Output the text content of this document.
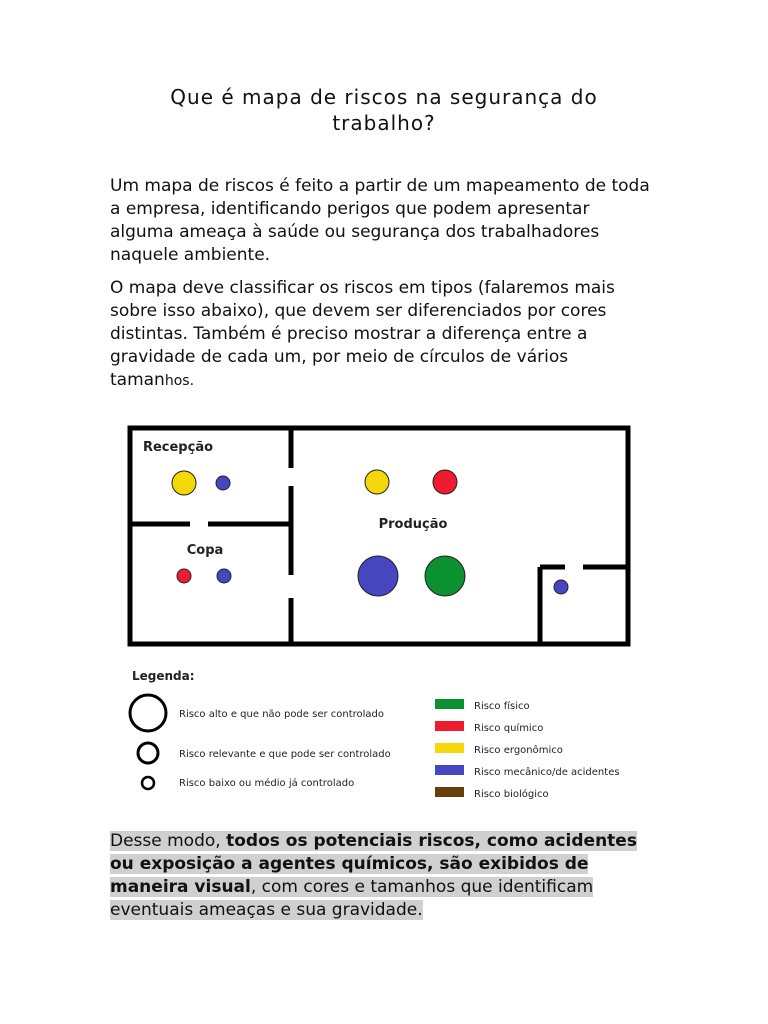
Que é mapa de riscos na segurança do trabalho?

Um mapa de riscos é feito a partir de um mapeamento de toda a empresa, identificando perigos que podem apresentar alguma ameaça à saúde ou segurança dos trabalhadores naquele ambiente.

O mapa deve classificar os riscos em tipos (falaremos mais sobre isso abaixo), que devem ser diferenciados por cores distintas. Também é preciso mostrar a diferença entre a gravidade de cada um, por meio de círculos de vários tamanhos.

Recepção
Copa
Produção
Legenda:
Risco alto e que não pode ser controlado
Risco relevante e que pode ser controlado
Risco baixo ou médio já controlado
Risco físico
Risco químico
Risco ergonômico
Risco mecânico/de acidentes
Risco biológico

Desse modo, todos os potenciais riscos, como acidentes ou exposição a agentes químicos, são exibidos de maneira visual, com cores e tamanhos que identificam eventuais ameaças e sua gravidade.
